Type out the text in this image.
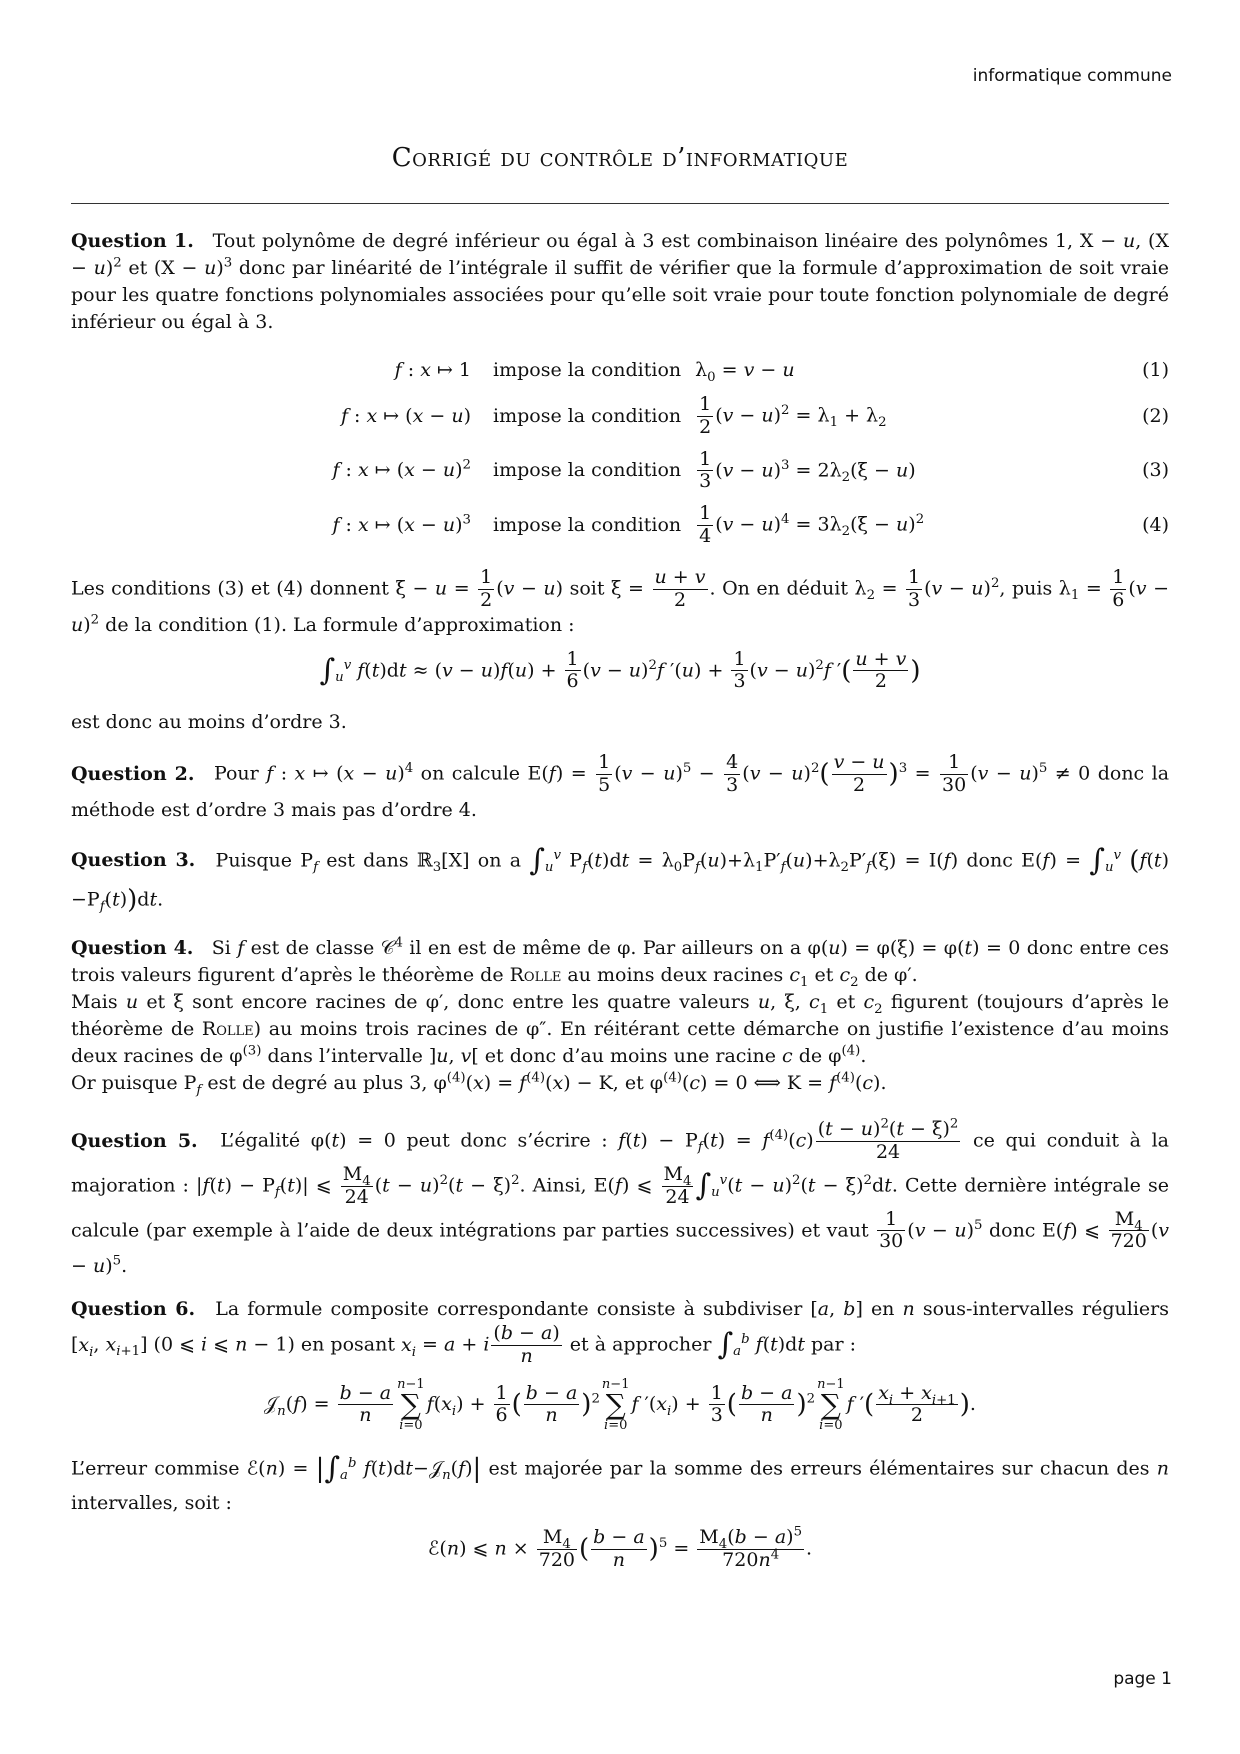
informatique commune
Corrigé du contrôle d’informatique

Question 1. Tout polynôme de degré inférieur ou égal à 3 est combinaison linéaire des polynômes 1, X − u, $(X - u)^2$ et $(X - u)^3$ donc par linéarité de l’intégrale il suffit de vérifier que la formule d’approximation de soit vraie pour les quatre fonctions polynomiales associées pour qu’elle soit vraie pour toute fonction polynomiale de degré inférieur ou égal à 3.

f : x ↦ 1	impose la condition	$\lambda_0 = v - u$	(1)
f : x ↦ (x − u)	impose la condition	$\frac{1}{2} (v - u)^2 = \lambda_1 + \lambda_2$	(2)
f : x ↦ $(x - u)^2$	impose la condition	$\frac{1}{3} (v - u)^3 = 2\lambda_2(\xi - u)$	(3)
f : x ↦ $(x - u)^3$	impose la condition	$\frac{1}{4} (v - u)^4 = 3\lambda_2(\xi - u)^2$	(4)

Les conditions (3) et (4) donnent $\xi - u = \frac{1}{2} (v - u)$ soit $\xi = \frac{u + v}{2}$ . On en déduit $\lambda_2 = \frac{1}{3} (v - u)^2$, puis $\lambda_1 = \frac{1}{6} (v - u)^2$ de la condition (1). La formule d’approximation :

$\int_u^v$ $f(t)dt \approx (v - u)f(u) + \frac{1}{6} (v - u)^2f$ $'(u) + \frac{1}{3} (v - u)^2f$ ′( $\frac{u + v}{2}$ )

est donc au moins d’ordre 3.

Question 2. Pour f : x ↦ $(x - u)^4$ on calcule $E(f) = \frac{1}{5} (v - u)^5 - \frac{4}{3} (v - u)^2( \frac{v - u}{2} )^3 = \frac{1}{30} (v - u)^5 \ne 0$ donc la méthode est d’ordre 3 mais pas d’ordre 4.

Question 3. Puisque $P_f$ est dans ℝ$_3$[X] on a $\int_u^v$ $P_f(t)dt = \lambda_0P_f(u)+\lambda_1P'_f(u)+\lambda_2P'_f(\xi) = I(f)$ donc $E(f) = \int_u^v$ $(f(t)-P_f(t))dt$.

Question 4. Si f est de classe 𝒞$^4$ il en est de même de φ. Par ailleurs on a φ(u) = φ(ξ) = φ(t) = 0 donc entre ces trois valeurs figurent d’après le théorème de Rolle au moins deux racines $c_1$ et $c_2$ de φ′.
Mais u et ξ sont encore racines de φ′, donc entre les quatre valeurs u, ξ, $c_1$ et $c_2$ figurent (toujours d’après le théorème de Rolle) au moins trois racines de φ″. En réitérant cette démarche on justifie l’existence d’au moins deux racines de $\varphi^{(3)}$ dans l’intervalle ]u, v[ et donc d’au moins une racine c de $\varphi^{(4)}$.
Or puisque $P_f$ est de degré au plus 3, $\varphi^{(4)}(x) = f^{(4)}(x) - K$, et $\varphi^{(4)}(c) = 0$ ⟺ $K = f^{(4)}(c)$.

Question 5. L’égalité φ(t) = 0 peut donc s’écrire : $f(t) - P_f(t) = f^{(4)}(c) \frac{(t - u)^2(t - \xi)^2}{24}$ ce qui conduit à la majoration : $|f(t) - P_f(t)|$ ⩽ $\frac{M_4}{24} (t - u)^2(t - \xi)^2$. Ainsi, E(f) ⩽ $\frac{M_4}{24} \int_u^v(t - u)^2(t - \xi)^2dt$. Cette dernière intégrale se calcule (par exemple à l’aide de deux intégrations par parties successives) et vaut $\frac{1}{30} (v - u)^5$ donc E(f) ⩽ $\frac{M_4}{720} (v - u)^5$.

Question 6. La formule composite correspondante consiste à subdiviser [a, b] en n sous-intervalles réguliers [$x_i$, $x_{i+1}$] (0 ⩽ i ⩽ n − 1) en posant $x_i = a + i \frac{(b - a)}{n}$ et à approcher $\int_a^b$ f(t)dt par :

𝒥$_n$(f) = $\frac{b - a}{n} n-1$
∑
i=0
$f(x_i) + \frac{1}{6}$ ( $\frac{b - a}{n} )^2$
n−1
∑
i=0
f $'(x_i) + \frac{1}{3}$ ( $\frac{b - a}{n} )^2$
n−1
∑
i=0
f ′( $\frac{x_i + x_{i+1}}{2}$ ).

L’erreur commise ℰ(n) = $|\int_a^b$ f(t)dt−𝒥$_n$(f)| est majorée par la somme des erreurs élémentaires sur chacun des n intervalles, soit :

ℰ(n) ⩽ $n \times \frac{M_4}{720}$ ( $\frac{b - a}{n} )^5 = \frac{M_4(b - a)^5}{720n^4}$ .
page 1
